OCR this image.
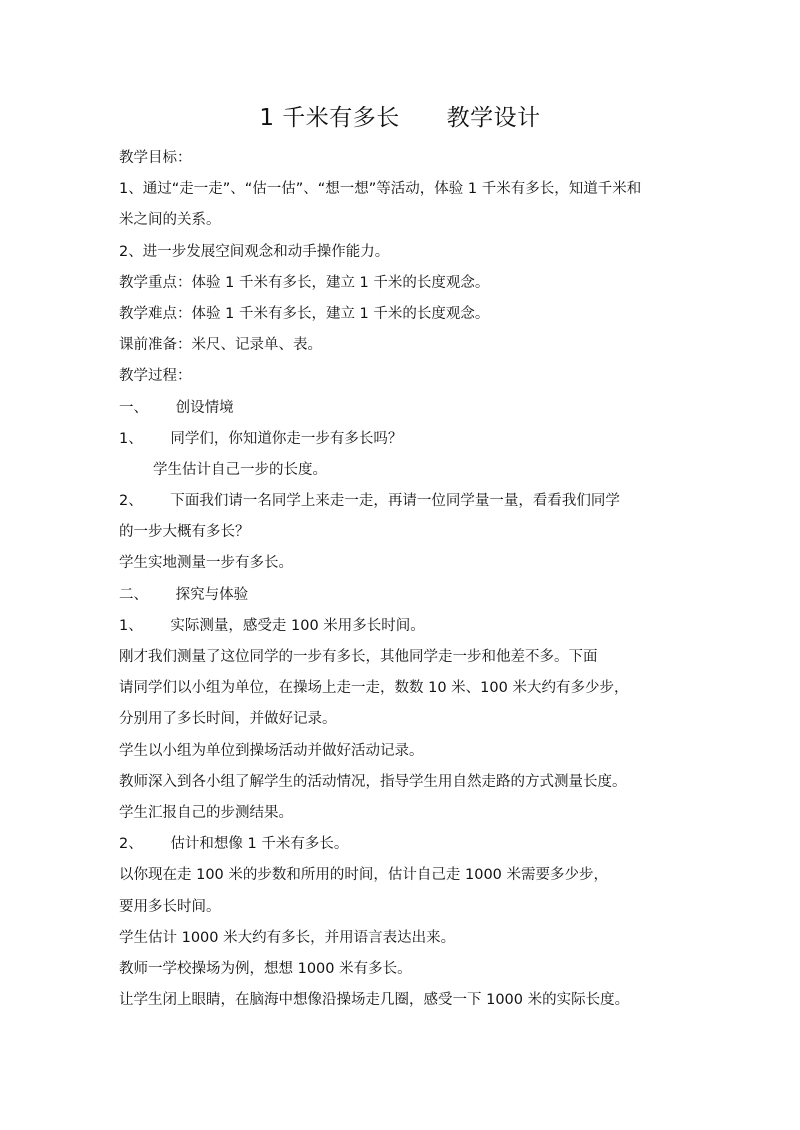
1 千米有多长      教学设计
教学目标：
1、通过“走一走”、“估一估”、“想一想”等活动，体验 1 千米有多长，知道千米和
米之间的关系。
2、进一步发展空间观念和动手操作能力。
教学重点：体验 1 千米有多长，建立 1 千米的长度观念。
教学难点：体验 1 千米有多长，建立 1 千米的长度观念。
课前准备：米尺、记录单、表。
教学过程：
一、      创设情境
1、      同学们，你知道你走一步有多长吗？
学生估计自己一步的长度。
2、      下面我们请一名同学上来走一走，再请一位同学量一量，看看我们同学
的一步大概有多长？
学生实地测量一步有多长。
二、      探究与体验
1、      实际测量，感受走 100 米用多长时间。
刚才我们测量了这位同学的一步有多长，其他同学走一步和他差不多。下面
请同学们以小组为单位，在操场上走一走，数数 10 米、100 米大约有多少步，
分别用了多长时间，并做好记录。
学生以小组为单位到操场活动并做好活动记录。
教师深入到各小组了解学生的活动情况，指导学生用自然走路的方式测量长度。
学生汇报自己的步测结果。
2、      估计和想像 1 千米有多长。
以你现在走 100 米的步数和所用的时间，估计自己走 1000 米需要多少步，
要用多长时间。
学生估计 1000 米大约有多长，并用语言表达出来。
教师一学校操场为例，想想 1000 米有多长。
让学生闭上眼睛，在脑海中想像沿操场走几圈，感受一下 1000 米的实际长度。
